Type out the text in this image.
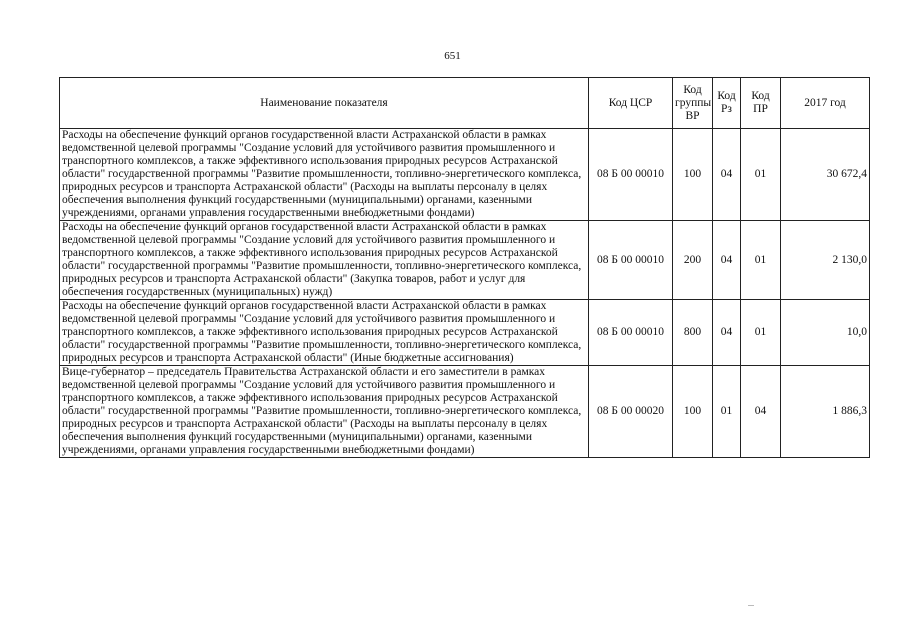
651
Наименование показателя	Код ЦСР	Код группы ВР	Код Рз	Код ПР	2017 год
Расходы на обеспечение функций органов государственной власти Астраханской области в рамках ведомственной целевой программы "Создание условий для устойчивого развития промышленного и транспортного комплексов, а также эффективного использования природных ресурсов Астраханской области" государственной программы "Развитие промышленности, топливно-энергетического комплекса, природных ресурсов и транспорта Астраханской области" (Расходы на выплаты персоналу в целях обеспечения выполнения функций государственными (муниципальными) органами, казенными учреждениями, органами управления государственными внебюджетными фондами)	08 Б 00 00010	100	04	01	30 672,4
Расходы на обеспечение функций органов государственной власти Астраханской области в рамках ведомственной целевой программы "Создание условий для устойчивого развития промышленного и транспортного комплексов, а также эффективного использования природных ресурсов Астраханской области" государственной программы "Развитие промышленности, топливно-энергетического комплекса, природных ресурсов и транспорта Астраханской области" (Закупка товаров, работ и услуг для обеспечения государственных (муниципальных) нужд)	08 Б 00 00010	200	04	01	2 130,0
Расходы на обеспечение функций органов государственной власти Астраханской области в рамках ведомственной целевой программы "Создание условий для устойчивого развития промышленного и транспортного комплексов, а также эффективного использования природных ресурсов Астраханской области" государственной программы "Развитие промышленности, топливно-энергетического комплекса, природных ресурсов и транспорта Астраханской области" (Иные бюджетные ассигнования)	08 Б 00 00010	800	04	01	10,0
Вице-губернатор – председатель Правительства Астраханской области и его заместители в рамках ведомственной целевой программы "Создание условий для устойчивого развития промышленного и транспортного комплексов, а также эффективного использования природных ресурсов Астраханской области" государственной программы "Развитие промышленности, топливно-энергетического комплекса, природных ресурсов и транспорта Астраханской области" (Расходы на выплаты персоналу в целях обеспечения выполнения функций государственными (муниципальными) органами, казенными учреждениями, органами управления государственными внебюджетными фондами)	08 Б 00 00020	100	01	04	1 886,3
